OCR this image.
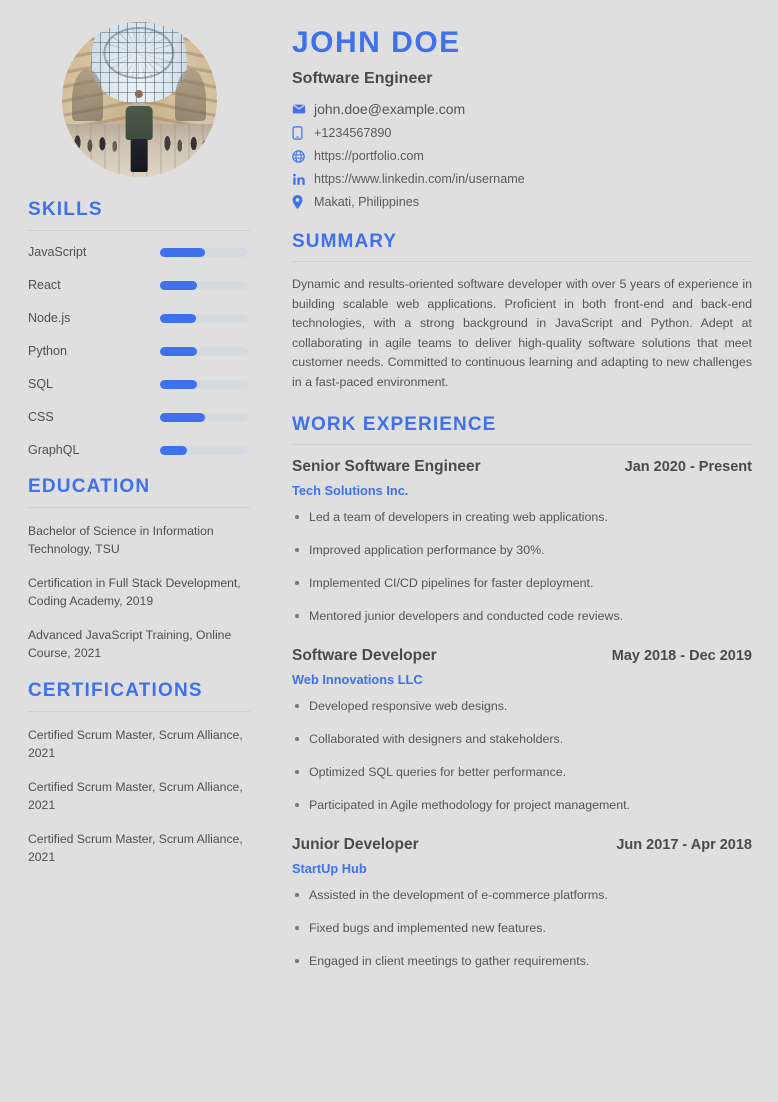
SKILLS
JavaScript
React
Node.js
Python
SQL
CSS
GraphQL
EDUCATION
Bachelor of Science in Information Technology, TSU
Certification in Full Stack Development, Coding Academy, 2019
Advanced JavaScript Training, Online Course, 2021
CERTIFICATIONS
Certified Scrum Master, Scrum Alliance, 2021
Certified Scrum Master, Scrum Alliance, 2021
Certified Scrum Master, Scrum Alliance, 2021
JOHN DOE
Software Engineer
john.doe@example.com
+1234567890
https://portfolio.com
https://www.linkedin.com/in/username
Makati, Philippines
SUMMARY

Dynamic and results-oriented software developer with over 5 years of experience in building scalable web applications. Proficient in both front-end and back-end technologies, with a strong background in JavaScript and Python. Adept at collaborating in agile teams to deliver high-quality software solutions that meet customer needs. Committed to continuous learning and adapting to new challenges in a fast-paced environment.

WORK EXPERIENCE
Senior Software Engineer	Jan 2020 - Present
Tech Solutions Inc.
Led a team of developers in creating web applications.
Improved application performance by 30%.
Implemented CI/CD pipelines for faster deployment.
Mentored junior developers and conducted code reviews.
Software Developer	May 2018 - Dec 2019
Web Innovations LLC
Developed responsive web designs.
Collaborated with designers and stakeholders.
Optimized SQL queries for better performance.
Participated in Agile methodology for project management.
Junior Developer	Jun 2017 - Apr 2018
StartUp Hub
Assisted in the development of e-commerce platforms.
Fixed bugs and implemented new features.
Engaged in client meetings to gather requirements.
